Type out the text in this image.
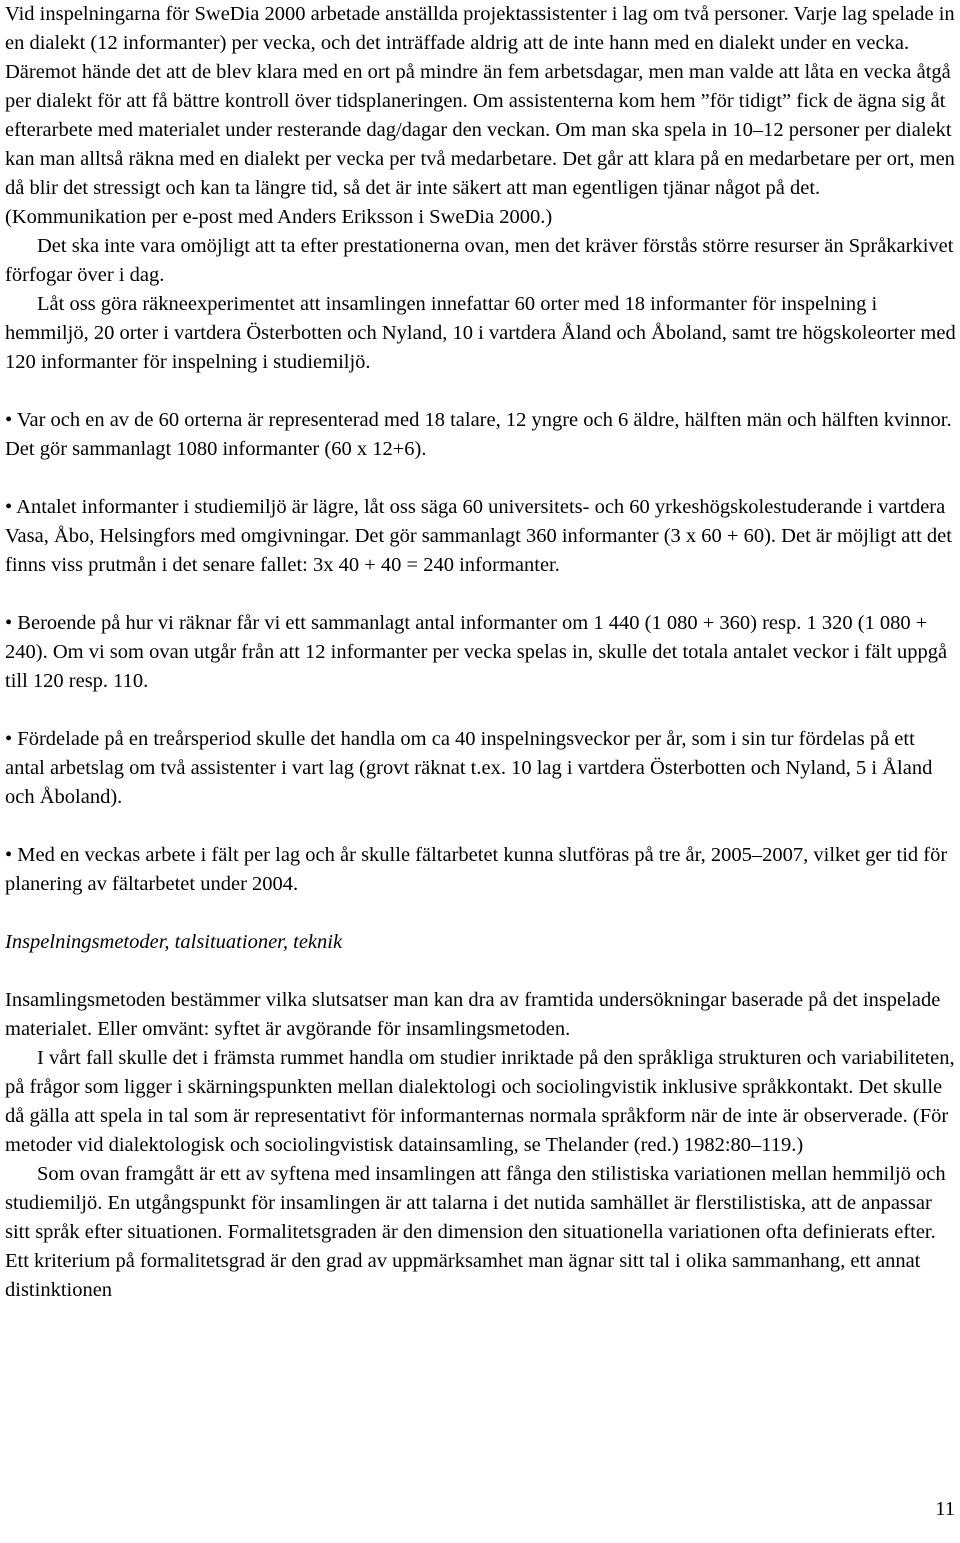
Vid inspelningarna för SweDia 2000 arbetade anställda projektassistenter i lag om två personer. Varje lag spelade in en dialekt (12 informanter) per vecka, och det inträffade aldrig att de inte hann med en dialekt under en vecka. Däremot hände det att de blev klara med en ort på mindre än fem arbetsdagar, men man valde att låta en vecka åtgå per dialekt för att få bättre kontroll över tidsplaneringen. Om assistenterna kom hem ”för tidigt” fick de ägna sig åt efterarbete med materialet under resterande dag/dagar den veckan. Om man ska spela in 10–12 personer per dialekt kan man alltså räkna med en dialekt per vecka per två medarbetare. Det går att klara på en medarbetare per ort, men då blir det stressigt och kan ta längre tid, så det är inte säkert att man egentligen tjänar något på det. (Kommunikation per e-post med Anders Eriksson i SweDia 2000.)

Det ska inte vara omöjligt att ta efter prestationerna ovan, men det kräver förstås större resurser än Språkarkivet förfogar över i dag.

Låt oss göra räkneexperimentet att insamlingen innefattar 60 orter med 18 informanter för inspelning i hemmiljö, 20 orter i vartdera Österbotten och Nyland, 10 i vartdera Åland och Åboland, samt tre högskoleorter med 120 informanter för inspelning i studiemiljö.

• Var och en av de 60 orterna är representerad med 18 talare, 12 yngre och 6 äldre, hälften män och hälften kvinnor. Det gör sammanlagt 1080 informanter (60 x 12+6).

• Antalet informanter i studiemiljö är lägre, låt oss säga 60 universitets- och 60 yrkeshögskolestuderande i vartdera Vasa, Åbo, Helsingfors med omgivningar. Det gör sammanlagt 360 informanter (3 x 60 + 60). Det är möjligt att det finns viss prutmån i det senare fallet: 3x 40 + 40 = 240 informanter.

• Beroende på hur vi räknar får vi ett sammanlagt antal informanter om 1 440 (1 080 + 360) resp. 1 320 (1 080 + 240). Om vi som ovan utgår från att 12 informanter per vecka spelas in, skulle det totala antalet veckor i fält uppgå till 120 resp. 110.

• Fördelade på en treårsperiod skulle det handla om ca 40 inspelningsveckor per år, som i sin tur fördelas på ett antal arbetslag om två assistenter i vart lag (grovt räknat t.ex. 10 lag i vartdera Österbotten och Nyland, 5 i Åland och Åboland).

• Med en veckas arbete i fält per lag och år skulle fältarbetet kunna slutföras på tre år, 2005–2007, vilket ger tid för planering av fältarbetet under 2004.

Inspelningsmetoder, talsituationer, teknik

Insamlingsmetoden bestämmer vilka slutsatser man kan dra av framtida undersökningar baserade på det inspelade materialet. Eller omvänt: syftet är avgörande för insamlingsmetoden.

I vårt fall skulle det i främsta rummet handla om studier inriktade på den språkliga strukturen och variabiliteten, på frågor som ligger i skärningspunkten mellan dialektologi och sociolingvistik inklusive språkkontakt. Det skulle då gälla att spela in tal som är representativt för informanternas normala språkform när de inte är observerade. (För metoder vid dialektologisk och sociolingvistisk datainsamling, se Thelander (red.) 1982:80–119.)

Som ovan framgått är ett av syftena med insamlingen att fånga den stilistiska variationen mellan hemmiljö och studiemiljö. En utgångspunkt för insamlingen är att talarna i det nutida samhället är flerstilistiska, att de anpassar sitt språk efter situationen. Formalitetsgraden är den dimension den situationella variationen ofta definierats efter. Ett kriterium på formalitetsgrad är den grad av uppmärksamhet man ägnar sitt tal i olika sammanhang, ett annat distinktionen

11
